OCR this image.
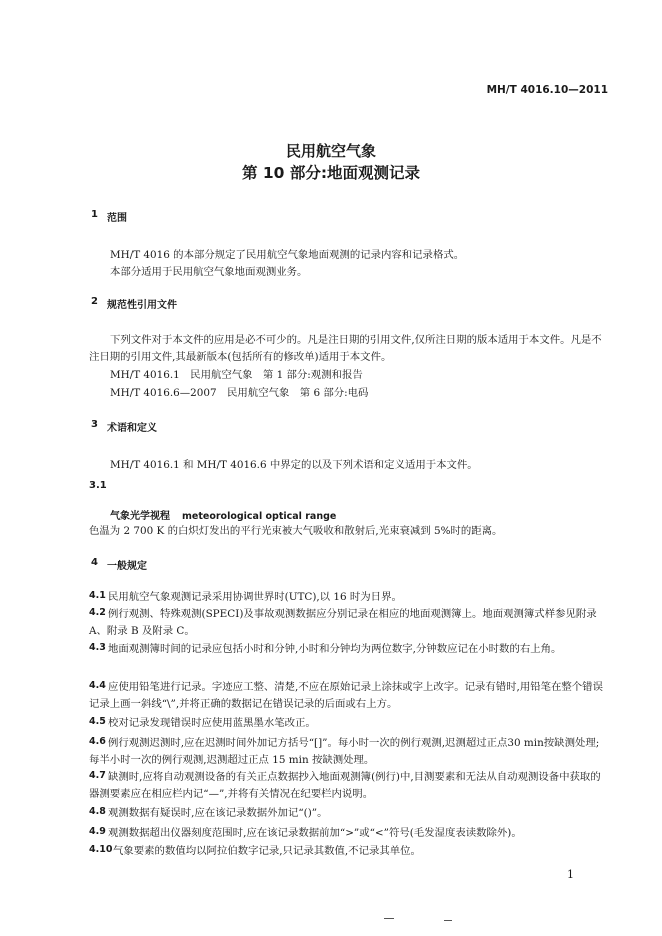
MH/T 4016.10—2011
民用航空气象
第 10 部分:地面观测记录
1 范围
MH/T 4016 的本部分规定了民用航空气象地面观测的记录内容和记录格式。
本部分适用于民用航空气象地面观测业务。
2 规范性引用文件
下列文件对于本文件的应用是必不可少的。凡是注日期的引用文件,仅所注日期的版本适用于本文件。凡是不注日期的引用文件,其最新版本(包括所有的修改单)适用于本文件。
MH/T 4016.1　民用航空气象　第 1 部分:观测和报告
MH/T 4016.6—2007　民用航空气象　第 6 部分:电码
3 术语和定义
MH/T 4016.1 和 MH/T 4016.6 中界定的以及下列术语和定义适用于本文件。
3.1
气象光学视程 meteorological optical range
色温为 2 700 K 的白炽灯发出的平行光束被大气吸收和散射后,光束衰减到 5%时的距离。
4 一般规定
4.1 民用航空气象观测记录采用协调世界时(UTC),以 16 时为日界。
4.2 例行观测、特殊观测(SPECI)及事故观测数据应分别记录在相应的地面观测簿上。地面观测簿式样参见附录 A、附录 B 及附录 C。
4.3 地面观测簿时间的记录应包括小时和分钟,小时和分钟均为两位数字,分钟数应记在小时数的右上角。
4.4 应使用铅笔进行记录。字迹应工整、清楚,不应在原始记录上涂抹或字上改字。记录有错时,用铅笔在整个错误记录上画一斜线“\”,并将正确的数据记在错误记录的后面或右上方。
4.5 校对记录发现错误时应使用蓝黑墨水笔改正。
4.6 例行观测迟测时,应在迟测时间外加记方括号“[]”。每小时一次的例行观测,迟测超过正点30 min按缺测处理;每半小时一次的例行观测,迟测超过正点 15 min 按缺测处理。
4.7 缺测时,应将自动观测设备的有关正点数据抄入地面观测簿(例行)中,目测要素和无法从自动观测设备中获取的器测要素应在相应栏内记“—”,并将有关情况在纪要栏内说明。
4.8 观测数据有疑误时,应在该记录数据外加记“()”。
4.9 观测数据超出仪器刻度范围时,应在该记录数据前加“>”或“<”符号(毛发湿度表读数除外)。
4.10 气象要素的数值均以阿拉伯数字记录,只记录其数值,不记录其单位。
1
